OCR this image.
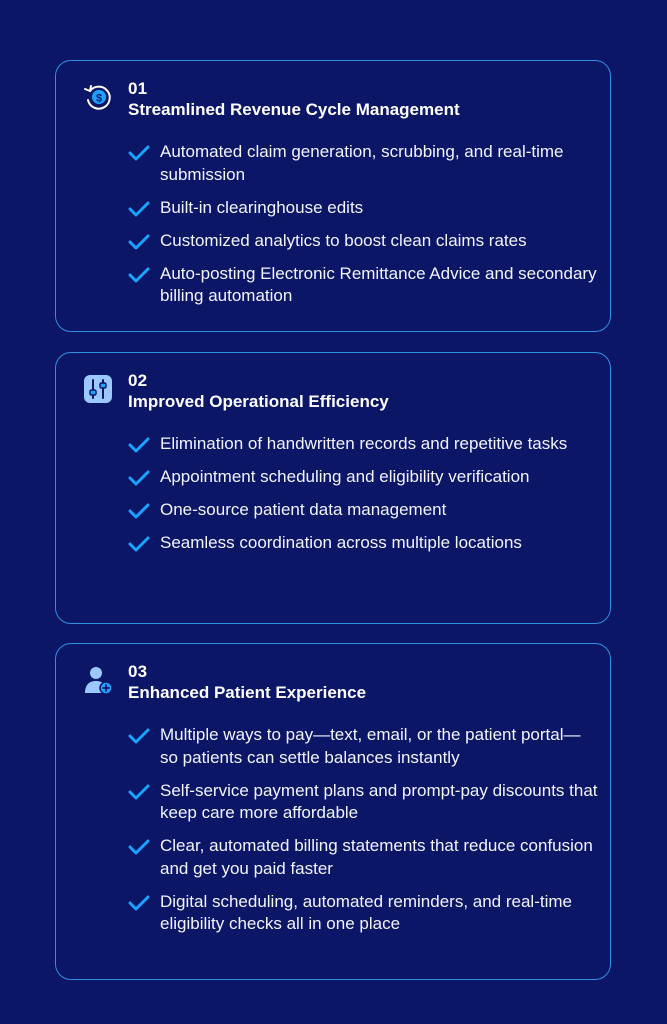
$
01
Streamlined Revenue Cycle Management
Automated claim generation, scrubbing, and real-time submission
Built-in clearinghouse edits
Customized analytics to boost clean claims rates
Auto-posting Electronic Remittance Advice and secondary billing automation
02
Improved Operational Efficiency
Elimination of handwritten records and repetitive tasks
Appointment scheduling and eligibility verification
One-source patient data management
Seamless coordination across multiple locations
03
Enhanced Patient Experience
Multiple ways to pay—text, email, or the patient portal—so patients can settle balances instantly
Self-service payment plans and prompt-pay discounts that keep care more affordable
Clear, automated billing statements that reduce confusion and get you paid faster
Digital scheduling, automated reminders, and real-time eligibility checks all in one place
